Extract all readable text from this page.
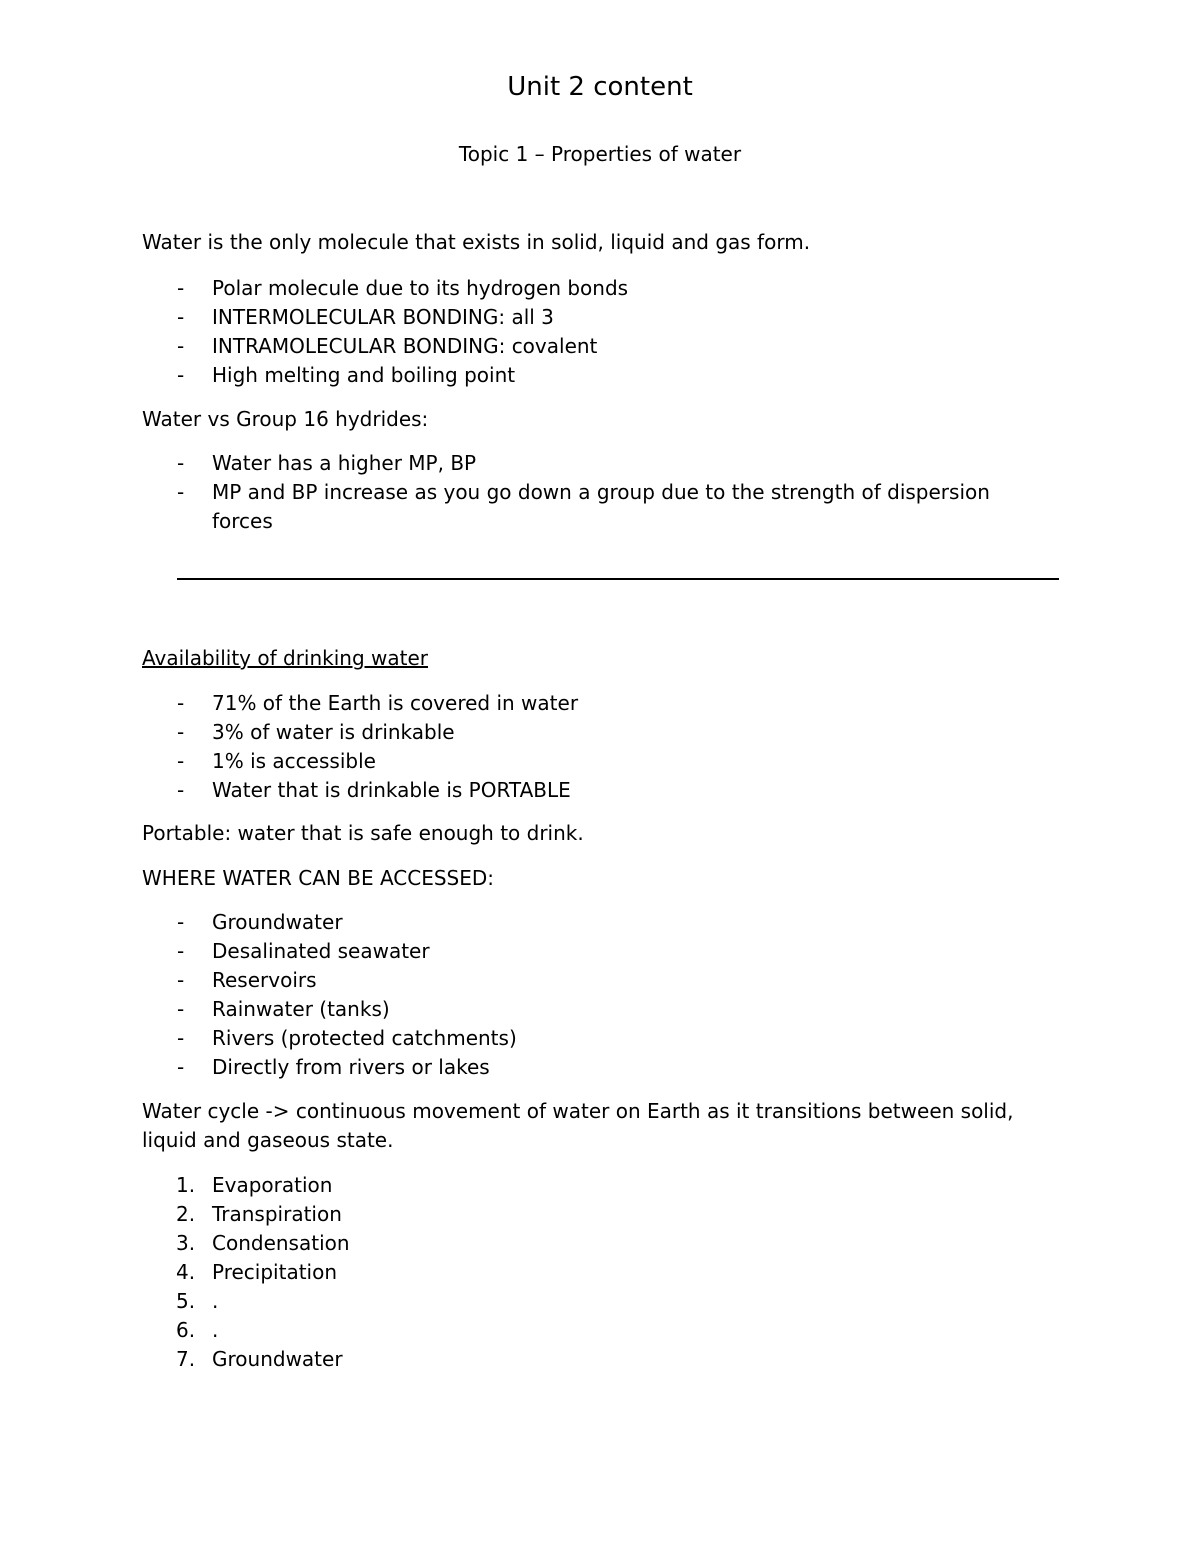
Unit 2 content
Topic 1 – Properties of water
Water is the only molecule that exists in solid, liquid and gas form.
-	Polar molecule due to its hydrogen bonds
-	INTERMOLECULAR BONDING: all 3
-	INTRAMOLECULAR BONDING: covalent
-	High melting and boiling point
Water vs Group 16 hydrides:
-	Water has a higher MP, BP
-	MP and BP increase as you go down a group due to the strength of dispersion forces
Availability of drinking water
-	71% of the Earth is covered in water
-	3% of water is drinkable
-	1% is accessible
-	Water that is drinkable is PORTABLE
Portable: water that is safe enough to drink.
WHERE WATER CAN BE ACCESSED:
-	Groundwater
-	Desalinated seawater
-	Reservoirs
-	Rainwater (tanks)
-	Rivers (protected catchments)
-	Directly from rivers or lakes
Water cycle -> continuous movement of water on Earth as it transitions between solid, liquid and gaseous state.
1. Evaporation
2. Transpiration
3. Condensation
4. Precipitation
5. .
6. .
7. Groundwater
